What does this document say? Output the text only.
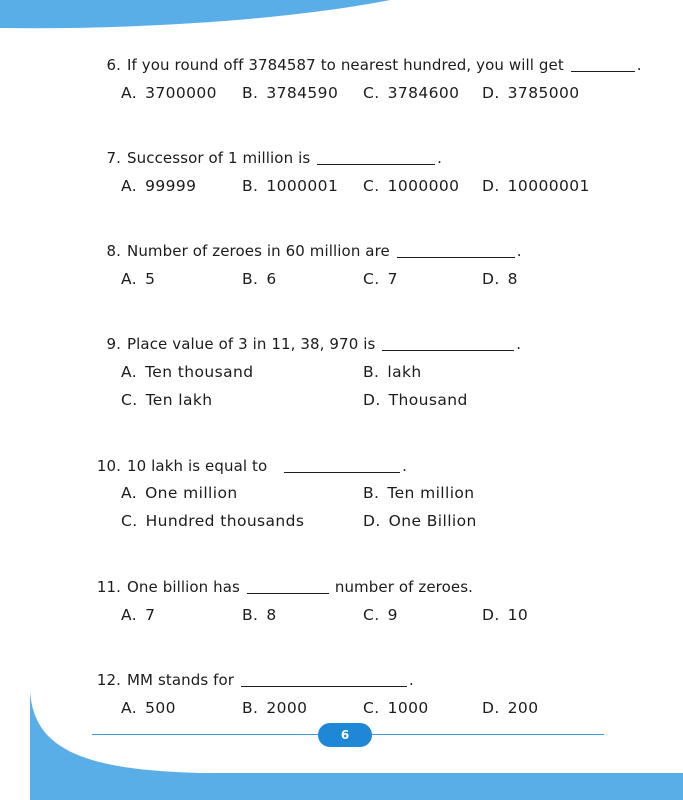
6
6. If you round off 3784587 to nearest hundred, you will get	.
A. 3700000 B. 3784590 C. 3784600 D. 3785000
7. Successor of 1 million is	.
A. 99999	B. 1000001 C. 1000000 D. 10000001
8. Number of zeroes in 60 million are	.
A. 5	B. 6	C. 7	D. 8
9. Place value of 3 in 11, 38, 970 is	.
A. Ten thousand	B. lakh
C. Ten lakh	D. Thousand
10. 10 lakh is equal to	.
A. One million	B. Ten million
C. Hundred thousands	D. One Billion
11. One billion has	number of zeroes.
A. 7	B. 8	C. 9	D. 10
12. MM stands for	.
A. 500	B. 2000	C. 1000	D. 200
